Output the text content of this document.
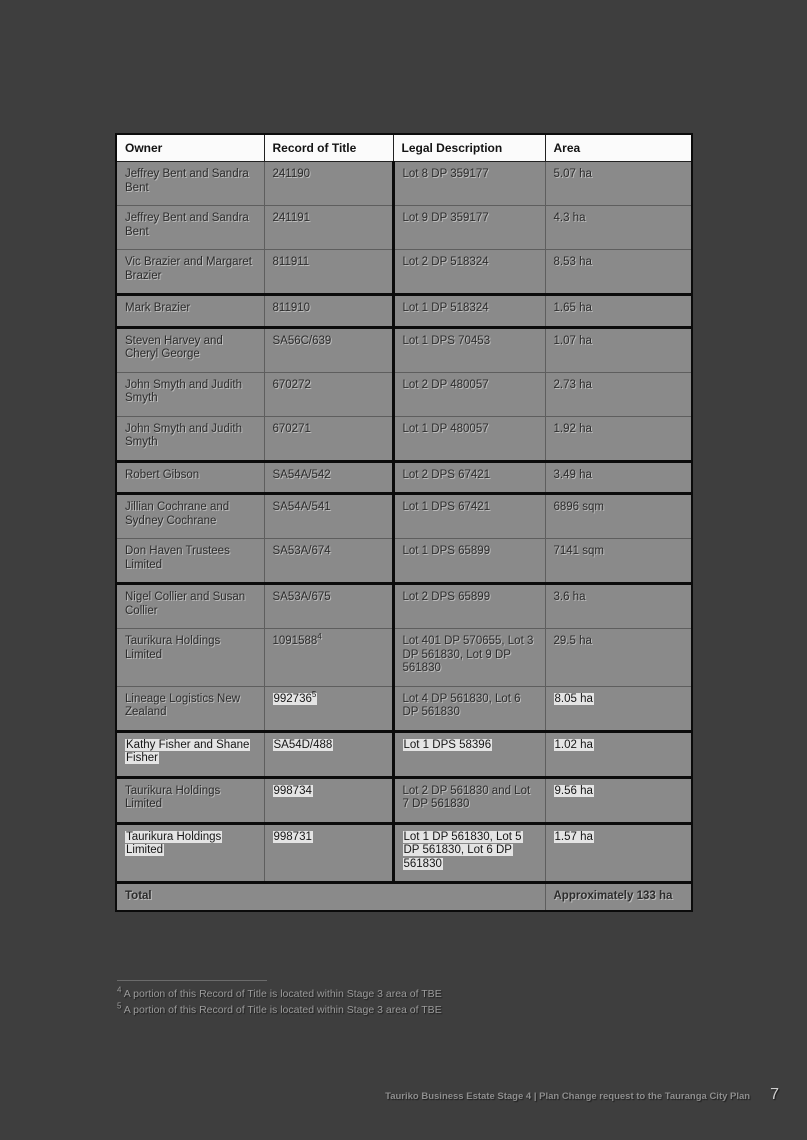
Owner	Record of Title	Legal Description	Area
Jeffrey Bent and Sandra Bent	241190	Lot 8 DP 359177	5.07 ha
Jeffrey Bent and Sandra Bent	241191	Lot 9 DP 359177	4.3 ha
Vic Brazier and Margaret Brazier	811911	Lot 2 DP 518324	8.53 ha
Mark Brazier	811910	Lot 1 DP 518324	1.65 ha
Steven Harvey and Cheryl George	SA56C/639	Lot 1 DPS 70453	1.07 ha
John Smyth and Judith Smyth	670272	Lot 2 DP 480057	2.73 ha
John Smyth and Judith Smyth	670271	Lot 1 DP 480057	1.92 ha
Robert Gibson	SA54A/542	Lot 2 DPS 67421	3.49 ha
Jillian Cochrane and Sydney Cochrane	SA54A/541	Lot 1 DPS 67421	6896 sqm
Don Haven Trustees Limited	SA53A/674	Lot 1 DPS 65899	7141 sqm
Nigel Collier and Susan Collier	SA53A/675	Lot 2 DPS 65899	3.6 ha
Taurikura Holdings Limited	1091588$^4$	Lot 401 DP 570655, Lot 3 DP 561830, Lot 9 DP 561830	29.5 ha
Lineage Logistics New Zealand	992736$^5$	Lot 4 DP 561830, Lot 6 DP 561830	8.05 ha
Kathy Fisher and Shane Fisher	SA54D/488	Lot 1 DPS 58396	1.02 ha
Taurikura Holdings Limited	998734	Lot 2 DP 561830 and Lot 7 DP 561830	9.56 ha
Taurikura Holdings Limited	998731	Lot 1 DP 561830, Lot 5 DP 561830, Lot 6 DP 561830	1.57 ha
Total			Approximately 133 ha
$^4$ A portion of this Record of Title is located within Stage 3 area of TBE
$^5$ A portion of this Record of Title is located within Stage 3 area of TBE
Tauriko Business Estate Stage 4 | Plan Change request to the Tauranga City Plan 7
